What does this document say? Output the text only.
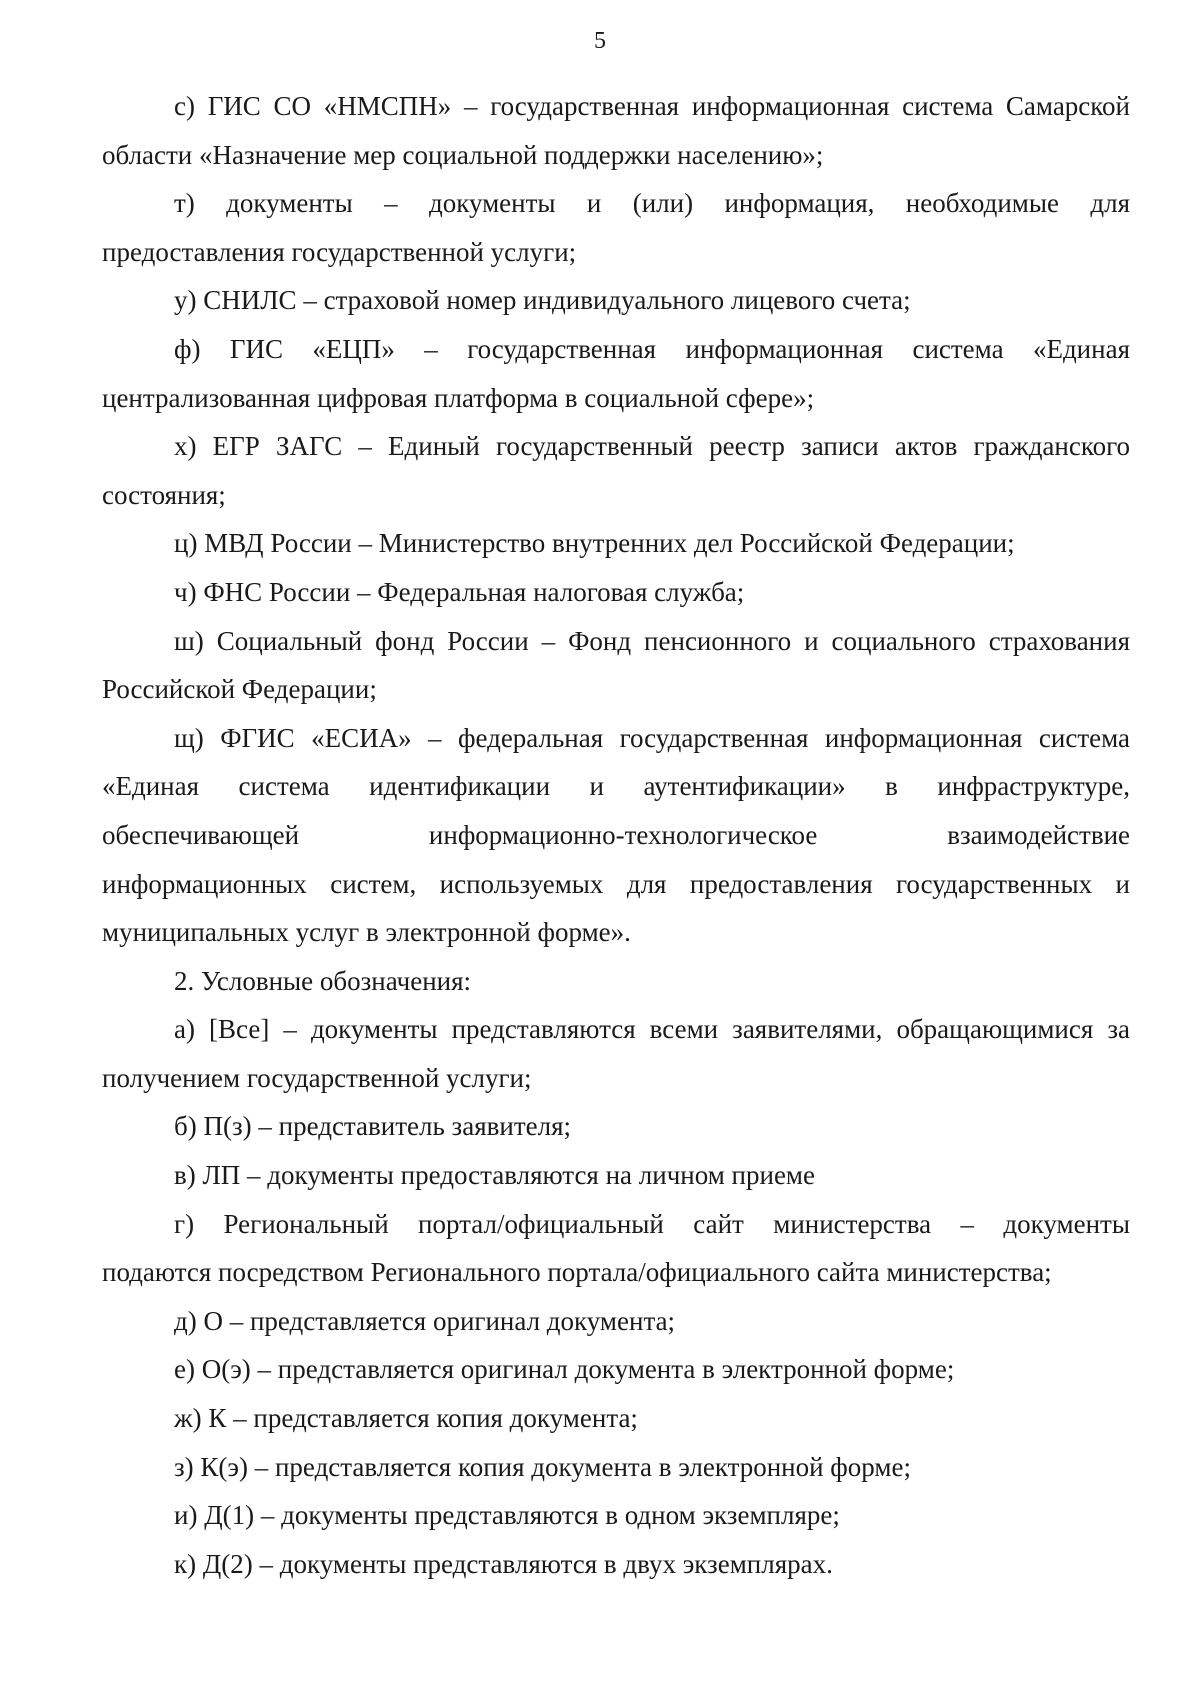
5
с) ГИС СО «НМСПН» – государственная информационная система Самарской
области «Назначение мер социальной поддержки населению»;
т) документы – документы и (или) информация, необходимые для
предоставления государственной услуги;
у) СНИЛС – страховой номер индивидуального лицевого счета;
ф) ГИС «ЕЦП» – государственная информационная система «Единая
централизованная цифровая платформа в социальной сфере»;
х) ЕГР ЗАГС – Единый государственный реестр записи актов гражданского
состояния;
ц) МВД России – Министерство внутренних дел Российской Федерации;
ч) ФНС России – Федеральная налоговая служба;
ш) Социальный фонд России – Фонд пенсионного и социального страхования
Российской Федерации;
щ) ФГИС «ЕСИА» – федеральная государственная информационная система
«Единая система идентификации и аутентификации» в инфраструктуре,
обеспечивающей информационно-технологическое взаимодействие
информационных систем, используемых для предоставления государственных и
муниципальных услуг в электронной форме».
2. Условные обозначения:
а) [Все] – документы представляются всеми заявителями, обращающимися за
получением государственной услуги;
б) П(з) – представитель заявителя;
в) ЛП – документы предоставляются на личном приеме
г) Региональный портал/официальный сайт министерства – документы
подаются посредством Регионального портала/официального сайта министерства;
д) О – представляется оригинал документа;
е) О(э) – представляется оригинал документа в электронной форме;
ж) К – представляется копия документа;
з) К(э) – представляется копия документа в электронной форме;
и) Д(1) – документы представляются в одном экземпляре;
к) Д(2) – документы представляются в двух экземплярах.
